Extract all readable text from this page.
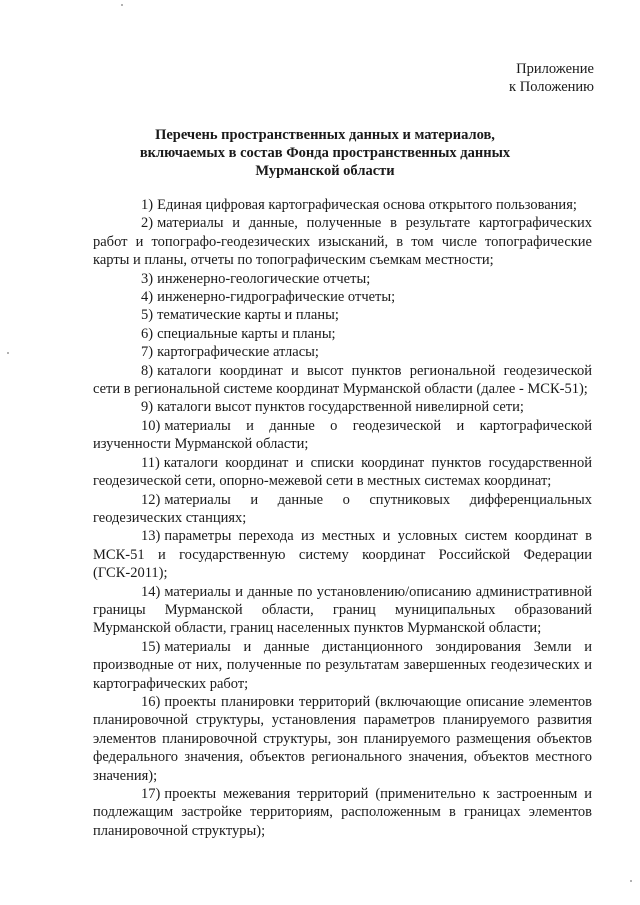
Приложение
к Положению
Перечень пространственных данных и материалов,
включаемых в состав Фонда пространственных данных
Мурманской области
1) Единая цифровая картографическая основа открытого пользования;
2) материалы и данные, полученные в результате картографических работ и топографо-геодезических изысканий, в том числе топографические карты и планы, отчеты по топографическим съемкам местности;
3) инженерно-геологические отчеты;
4) инженерно-гидрографические отчеты;
5) тематические карты и планы;
6) специальные карты и планы;
7) картографические атласы;
8) каталоги координат и высот пунктов региональной геодезической сети в региональной системе координат Мурманской области (далее - МСК-51);
9) каталоги высот пунктов государственной нивелирной сети;
10) материалы и данные о геодезической и картографической изученности Мурманской области;
11) каталоги координат и списки координат пунктов государственной геодезической сети, опорно-межевой сети в местных системах координат;
12) материалы и данные о спутниковых дифференциальных геодезических станциях;
13) параметры перехода из местных и условных систем координат в МСК-51 и государственную систему координат Российской Федерации (ГСК-2011);
14) материалы и данные по установлению/описанию административной границы Мурманской области, границ муниципальных образований Мурманской области, границ населенных пунктов Мурманской области;
15) материалы и данные дистанционного зондирования Земли и производные от них, полученные по результатам завершенных геодезических и картографических работ;
16) проекты планировки территорий (включающие описание элементов планировочной структуры, установления параметров планируемого развития элементов планировочной структуры, зон планируемого размещения объектов федерального значения, объектов регионального значения, объектов местного значения);
17) проекты межевания территорий (применительно к застроенным и подлежащим застройке территориям, расположенным в границах элементов планировочной структуры);
